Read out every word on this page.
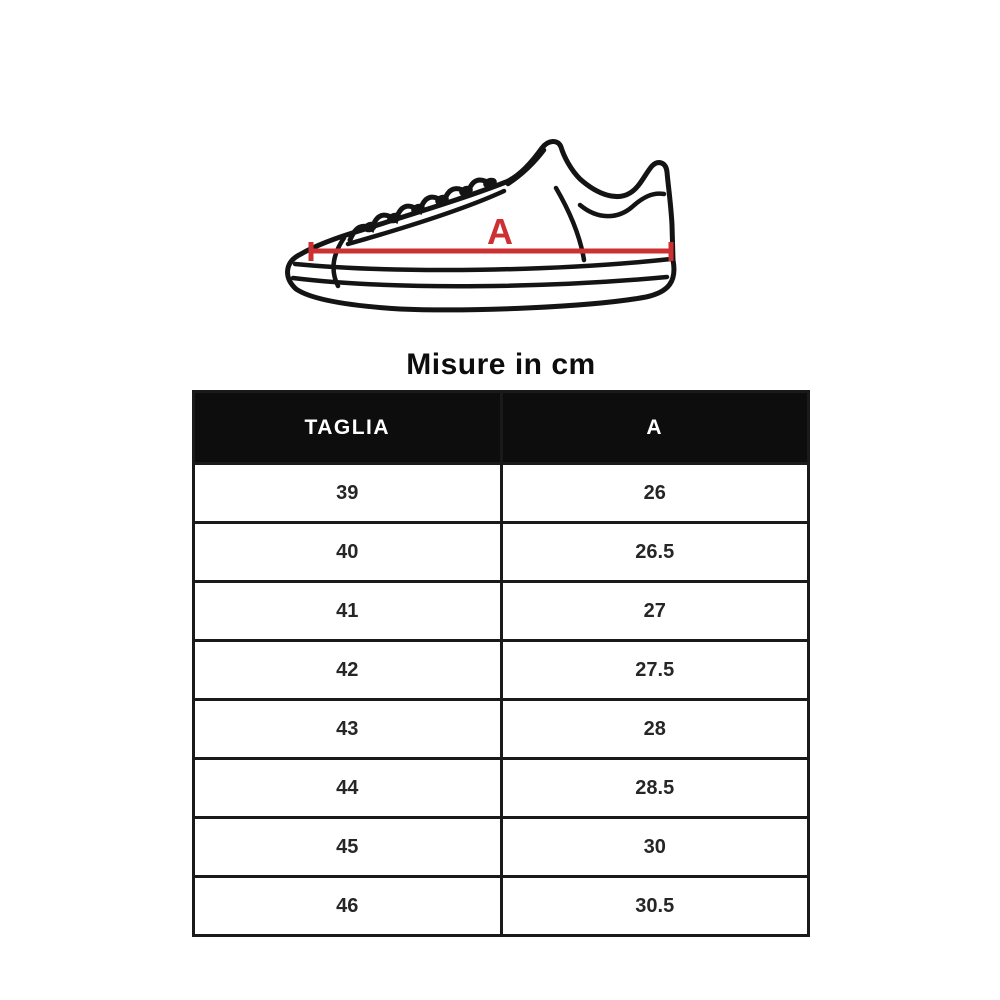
A
Misure in cm
TAGLIA	A
39	26
40	26.5
41	27
42	27.5
43	28
44	28.5
45	30
46	30.5
